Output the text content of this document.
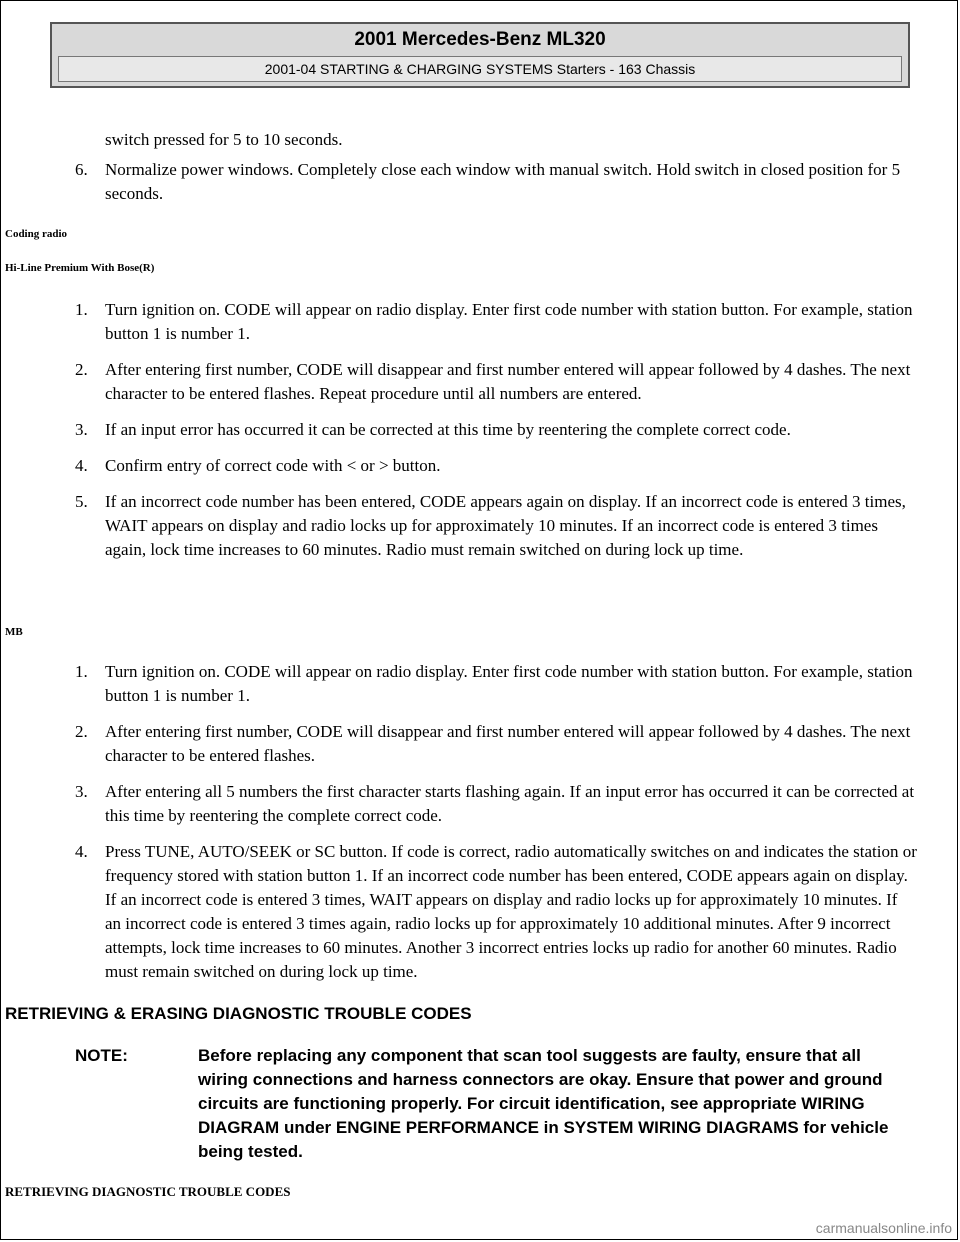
2001 Mercedes-Benz ML320
2001-04 STARTING & CHARGING SYSTEMS Starters - 163 Chassis
switch pressed for 5 to 10 seconds.
6.	Normalize power windows. Completely close each window with manual switch. Hold switch in closed position for 5 seconds.
Coding radio
Hi-Line Premium With Bose(R)
1.	Turn ignition on. CODE will appear on radio display. Enter first code number with station button. For example, station button 1 is number 1.
2.	After entering first number, CODE will disappear and first number entered will appear followed by 4 dashes. The next character to be entered flashes. Repeat procedure until all numbers are entered.
3.	If an input error has occurred it can be corrected at this time by reentering the complete correct code.
4.	Confirm entry of correct code with < or > button.
5.	If an incorrect code number has been entered, CODE appears again on display. If an incorrect code is entered 3 times, WAIT appears on display and radio locks up for approximately 10 minutes. If an incorrect code is entered 3 times again, lock time increases to 60 minutes. Radio must remain switched on during lock up time.
MB
1.	Turn ignition on. CODE will appear on radio display. Enter first code number with station button. For example, station button 1 is number 1.
2.	After entering first number, CODE will disappear and first number entered will appear followed by 4 dashes. The next character to be entered flashes.
3.	After entering all 5 numbers the first character starts flashing again. If an input error has occurred it can be corrected at this time by reentering the complete correct code.
4.	Press TUNE, AUTO/SEEK or SC button. If code is correct, radio automatically switches on and indicates the station or frequency stored with station button 1. If an incorrect code number has been entered, CODE appears again on display. If an incorrect code is entered 3 times, WAIT appears on display and radio locks up for approximately 10 minutes. If an incorrect code is entered 3 times again, radio locks up for approximately 10 additional minutes. After 9 incorrect attempts, lock time increases to 60 minutes. Another 3 incorrect entries locks up radio for another 60 minutes. Radio must remain switched on during lock up time.
RETRIEVING & ERASING DIAGNOSTIC TROUBLE CODES
NOTE:	Before replacing any component that scan tool suggests are faulty, ensure that all wiring connections and harness connectors are okay. Ensure that power and ground circuits are functioning properly. For circuit identification, see appropriate WIRING DIAGRAM under ENGINE PERFORMANCE in SYSTEM WIRING DIAGRAMS for vehicle being tested.
RETRIEVING DIAGNOSTIC TROUBLE CODES
carmanualsonline.info
